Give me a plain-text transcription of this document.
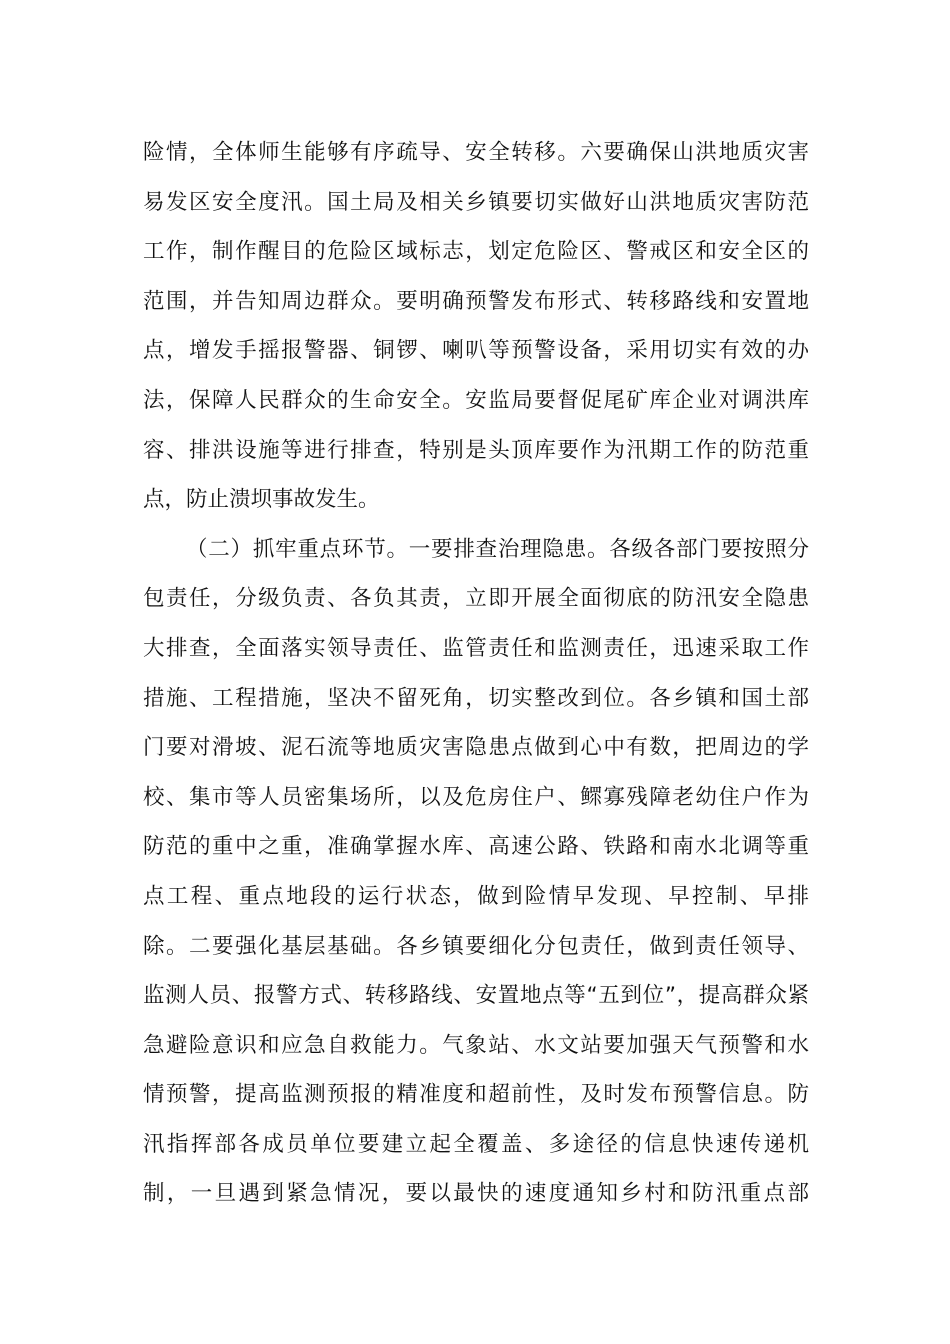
险情，全体师生能够有序疏导、安全转移。六要确保山洪地质灾害
易发区安全度汛。国土局及相关乡镇要切实做好山洪地质灾害防范
工作，制作醒目的危险区域标志，划定危险区、警戒区和安全区的
范围，并告知周边群众。要明确预警发布形式、转移路线和安置地
点，增发手摇报警器、铜锣、喇叭等预警设备，采用切实有效的办
法，保障人民群众的生命安全。安监局要督促尾矿库企业对调洪库
容、排洪设施等进行排查，特别是头顶库要作为汛期工作的防范重
点，防止溃坝事故发生。
（二）抓牢重点环节。一要排查治理隐患。各级各部门要按照分
包责任，分级负责、各负其责，立即开展全面彻底的防汛安全隐患
大排查，全面落实领导责任、监管责任和监测责任，迅速采取工作
措施、工程措施，坚决不留死角，切实整改到位。各乡镇和国土部
门要对滑坡、泥石流等地质灾害隐患点做到心中有数，把周边的学
校、集市等人员密集场所，以及危房住户、鳏寡残障老幼住户作为
防范的重中之重，准确掌握水库、高速公路、铁路和南水北调等重
点工程、重点地段的运行状态，做到险情早发现、早控制、早排
除。二要强化基层基础。各乡镇要细化分包责任，做到责任领导、
监测人员、报警方式、转移路线、安置地点等“五到位”，提高群众紧
急避险意识和应急自救能力。气象站、水文站要加强天气预警和水
情预警，提高监测预报的精准度和超前性，及时发布预警信息。防
汛指挥部各成员单位要建立起全覆盖、多途径的信息快速传递机
制，一旦遇到紧急情况，要以最快的速度通知乡村和防汛重点部
